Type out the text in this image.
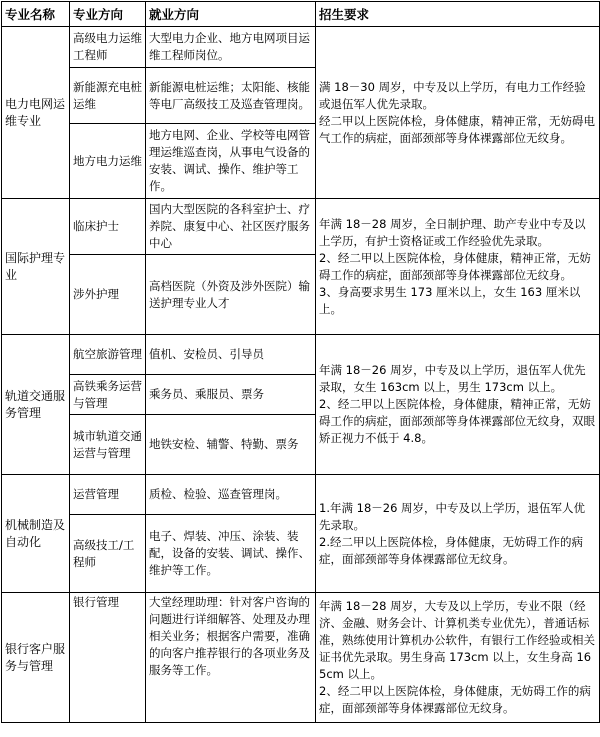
专业名称	专业方向	就业方向	招生要求
电力电网运维专业	高级电力运维工程师	大型电力企业、地方电网项目运维工程师岗位。	满 18－30 周岁，中专及以上学历，有电力工作经验或退伍军人优先录取。
经二甲以上医院体检，身体健康，精神正常，无妨碍电气工作的病症，面部颈部等身体裸露部位无纹身。

	新能源充电桩运维	新能源电桩运维；太阳能、核能等电厂高级技工及巡查管理岗。	
	地方电力运维	地方电网、企业、学校等电网管理运维巡查岗，从事电气设备的安装、调试、操作、维护等工作。	
国际护理专业	临床护士	国内大型医院的各科室护士、疗养院、康复中心、社区医疗服务中心	年满 18－28 周岁，全日制护理、助产专业中专及以上学历，有护士资格证或工作经验优先录取。
2、经二甲以上医院体检，身体健康，精神正常，无妨碍工作的病症，面部颈部等身体裸露部位无纹身。
3、身高要求男生 173 厘米以上，女生 163 厘米以上。

	涉外护理	高档医院（外资及涉外医院）输送护理专业人才	
轨道交通服务管理	航空旅游管理	值机、安检员、引导员	年满 18－26 周岁，中专及以上学历，退伍军人优先录取，女生 163cm 以上，男生 173cm 以上。
2、经二甲以上医院体检，身体健康，精神正常，无妨碍工作的病症，面部颈部等身体裸露部位无纹身，双眼矫正视力不低于 4.8。

	高铁乘务运营与管理	乘务员、乘服员、票务	
	城市轨道交通运营与管理	地铁安检、辅警、特勤、票务	
机械制造及自动化	运营管理	质检、检验、巡查管理岗。	1.年满 18－26 周岁，中专及以上学历，退伍军人优先录取。
2.经二甲以上医院体检，身体健康，无妨碍工作的病症，面部颈部等身体裸露部位无纹身。

	高级技工/工程师	电子、焊装、冲压、涂装、装配，设备的安装、调试、操作、维护等工作。	
银行客户服务与管理	银行管理	大堂经理助理：针对客户咨询的问题进行详细解答、处理及办理相关业务；根据客户需要，准确的向客户推荐银行的各项业务及服务等工作。	年满 18－28 周岁，大专及以上学历，专业不限（经济、金融、财务会计、计算机类专业优先），普通话标准，熟练使用计算机办公软件，有银行工作经验或相关证书优先录取。男生身高 173cm 以上，女生身高 165cm 以上。
2、经二甲以上医院体检，身体健康，无妨碍工作的病症，面部颈部等身体裸露部位无纹身。
